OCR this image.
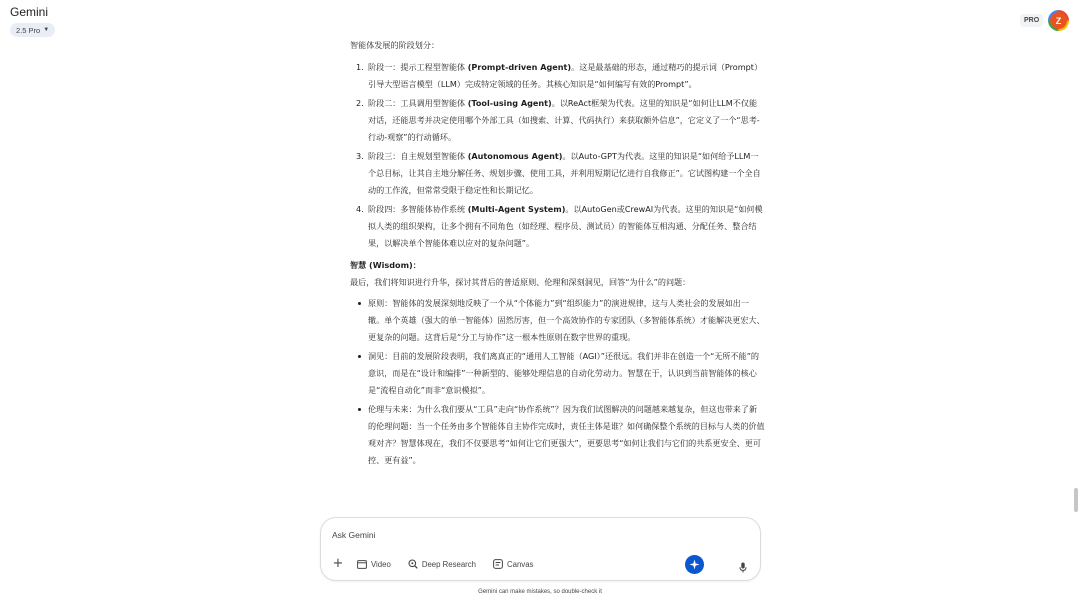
Gemini
2.5 Pro ▼
PRO	Z
智能体发展的阶段划分：
1. 阶段一：提示工程型智能体 (Prompt-driven Agent)。这是最基础的形态，通过精巧的提示词（Prompt）引导大型语言模型（LLM）完成特定领域的任务。其核心知识是“如何编写有效的Prompt”。
2. 阶段二：工具调用型智能体 (Tool-using Agent)。以ReAct框架为代表。这里的知识是“如何让LLM不仅能对话，还能思考并决定使用哪个外部工具（如搜索、计算、代码执行）来获取额外信息”，它定义了一个“思考-行动-观察”的行动循环。
3. 阶段三：自主规划型智能体 (Autonomous Agent)。以Auto-GPT为代表。这里的知识是“如何给予LLM一个总目标，让其自主地分解任务、规划步骤、使用工具，并利用短期记忆进行自我修正”。它试图构建一个全自动的工作流，但常常受限于稳定性和长期记忆。
4. 阶段四：多智能体协作系统 (Multi-Agent System)。以AutoGen或CrewAI为代表。这里的知识是“如何模拟人类的组织架构，让多个拥有不同角色（如经理、程序员、测试员）的智能体互相沟通、分配任务、整合结果，以解决单个智能体难以应对的复杂问题”。
智慧 (Wisdom)：
最后，我们将知识进行升华，探讨其背后的普适原则、伦理和深刻洞见，回答“为什么”的问题：
原则：智能体的发展深刻地反映了一个从“个体能力”到“组织能力”的演进规律，这与人类社会的发展如出一辙。单个英雄（强大的单一智能体）固然厉害，但一个高效协作的专家团队（多智能体系统）才能解决更宏大、更复杂的问题。这背后是“分工与协作”这一根本性原则在数字世界的重现。
洞见：目前的发展阶段表明，我们离真正的“通用人工智能（AGI）”还很远。我们并非在创造一个“无所不能”的意识，而是在“设计和编排”一种新型的、能够处理信息的自动化劳动力。智慧在于，认识到当前智能体的核心是“流程自动化”而非“意识模拟”。
伦理与未来：为什么我们要从“工具”走向“协作系统”？因为我们试图解决的问题越来越复杂，但这也带来了新的伦理问题：当一个任务由多个智能体自主协作完成时，责任主体是谁？如何确保整个系统的目标与人类的价值观对齐？智慧体现在，我们不仅要思考“如何让它们更强大”，更要思考“如何让我们与它们的共系更安全、更可控、更有益”。
Ask Gemini
+	Video	Deep Research	Canvas
Gemini can make mistakes, so double-check it
